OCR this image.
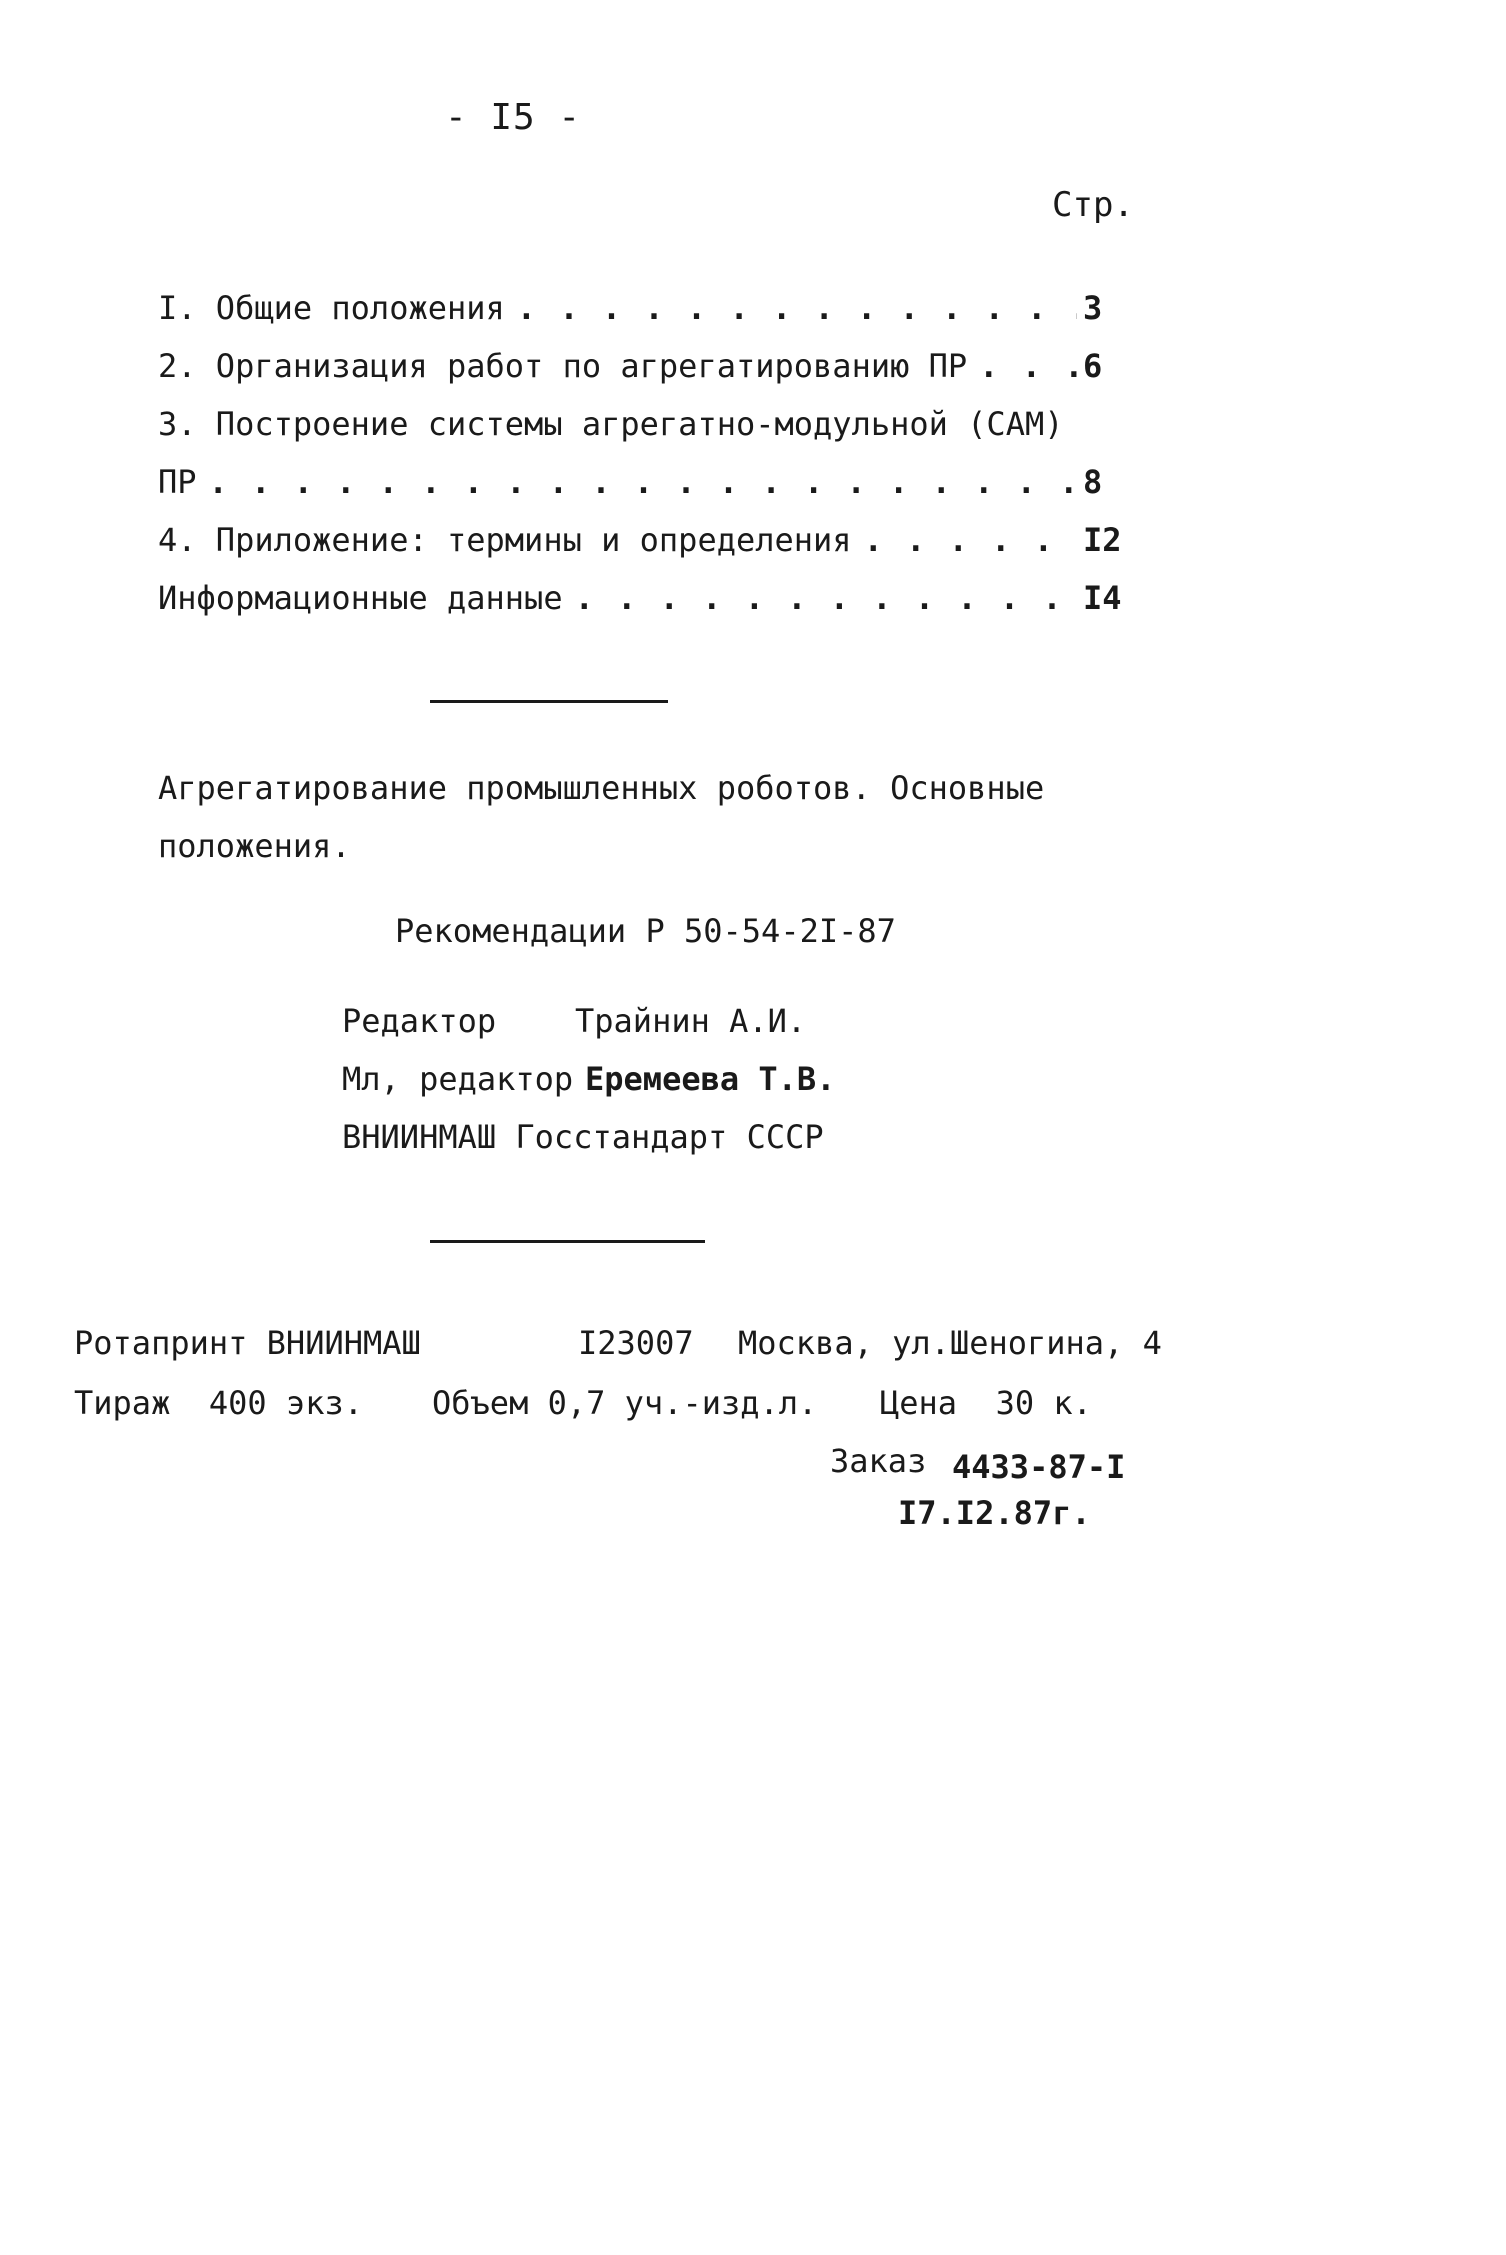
- I5 -
Стр.
I. Общие положения . . .	3
2. Организация работ по агрегатированию ПР . . .	6
3. Построение системы агрегатно-модульной (САМ)
ПР . . .	8
4. Приложение: термины и определения . . .	I2
Информационные данные . . .	I4
Агрегатирование промышленных роботов. Основные
положения.
Рекомендации Р 50-54-2I-87
Редактор Трайнин А.И.
Мл, редактор Еремеева Т.В.
ВНИИНМАШ Госстандарт СССР
Ротапринт ВНИИНМАШ	I23007 Москва, ул.Шеногина, 4
Тираж  400 экз. Объем 0,7 уч.-изд.л. Цена  30 к.
Заказ 4433-87-I
I7.I2.87г.
